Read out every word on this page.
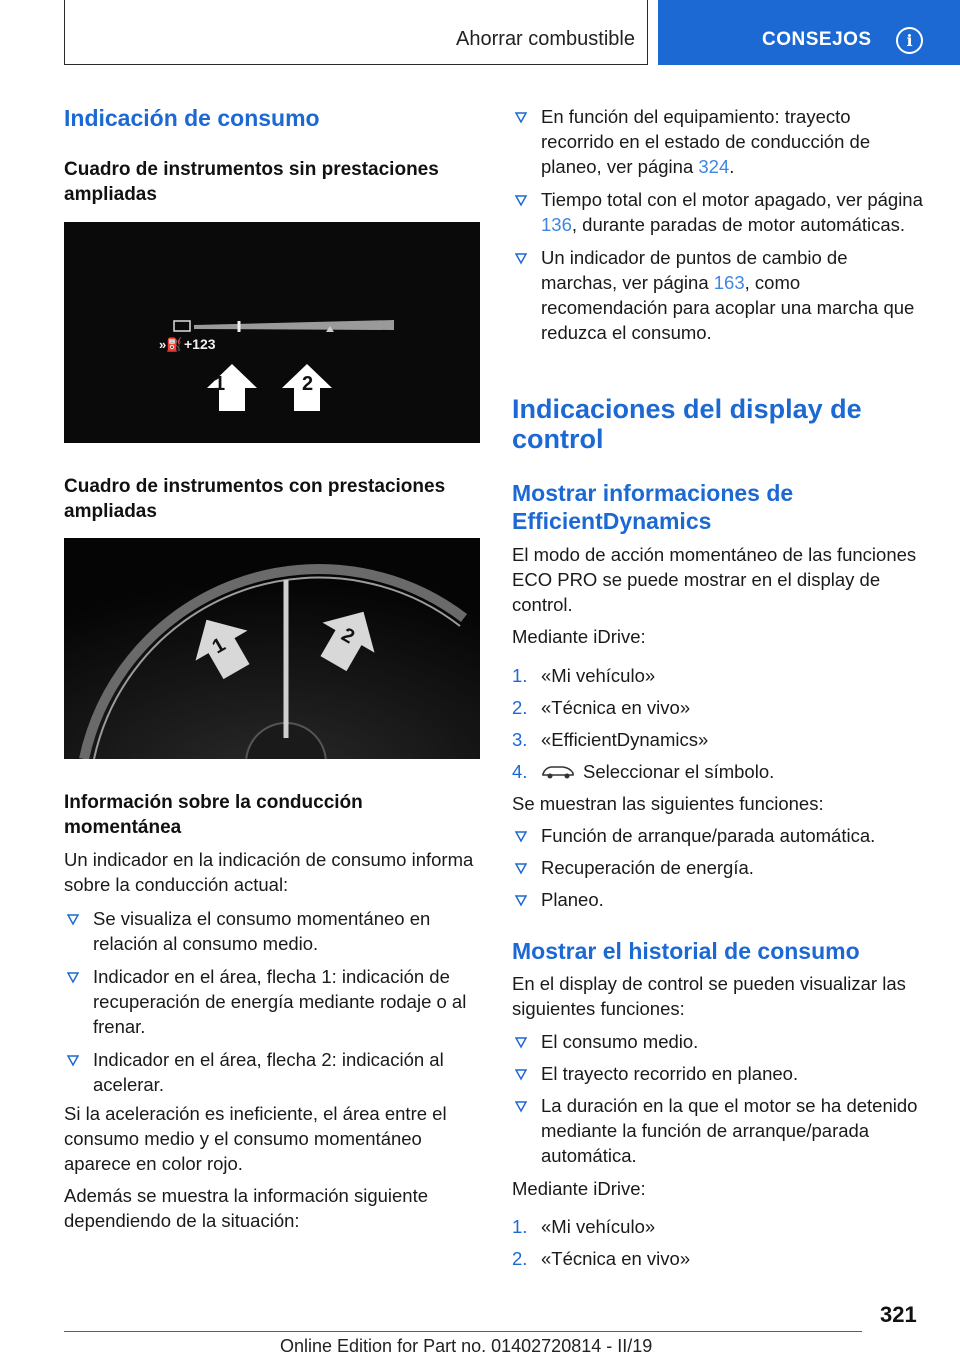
Ahorrar combustible	CONSEJOS	i
Indicación de consumo
Cuadro de instrumentos sin prestaciones ampliadas
»⛽ +123
1	2
Cuadro de instrumentos con prestaciones ampliadas
1	2
Información sobre la conducción momentánea

Un indicador en la indicación de consumo informa sobre la conducción actual:

Se visualiza el consumo momentáneo en relación al consumo medio.
Indicador en el área, flecha 1: indicación de recuperación de energía mediante rodaje o al frenar.
Indicador en el área, flecha 2: indicación al acelerar.

Si la aceleración es ineficiente, el área entre el consumo medio y el consumo momentáneo aparece en color rojo.

Además se muestra la información siguiente dependiendo de la situación:

En función del equipamiento: trayecto recorrido en el estado de conducción de planeo, ver página 324.
Tiempo total con el motor apagado, ver página 136, durante paradas de motor automáticas.
Un indicador de puntos de cambio de marchas, ver página 163, como recomendación para acoplar una marcha que reduzca el consumo.
Indicaciones del display de control
Mostrar informaciones de EfficientDynamics

El modo de acción momentáneo de las funciones ECO PRO se puede mostrar en el display de control.

Mediante iDrive:

1. «Mi vehículo»
2. «Técnica en vivo»
3. «EfficientDynamics»
4.	Seleccionar el símbolo.

Se muestran las siguientes funciones:

Función de arranque/parada automática.
Recuperación de energía.
Planeo.
Mostrar el historial de consumo

En el display de control se pueden visualizar las siguientes funciones:

El consumo medio.
El trayecto recorrido en planeo.
La duración en la que el motor se ha detenido mediante la función de arranque/parada automática.

Mediante iDrive:

1. «Mi vehículo»
2. «Técnica en vivo»
321
Online Edition for Part no. 01402720814 - II/19
